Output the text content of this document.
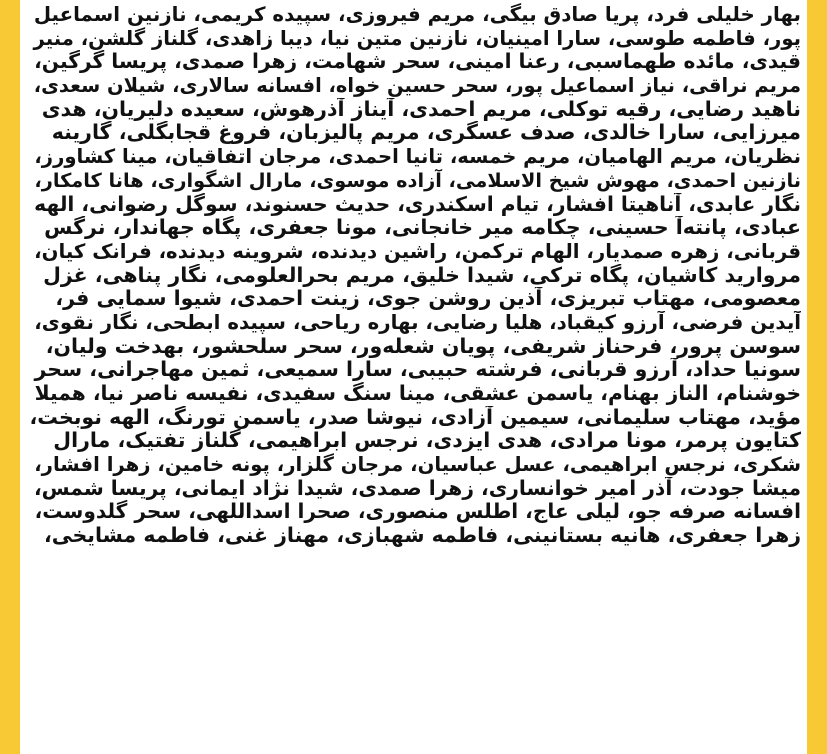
بهار خلیلی فرد، پریا صادق بیگی، مریم فیروزی، سپیده کریمی، نازنین اسماعیل
پور، فاطمه طوسی، سارا امینیان، نازنین متین نیا، دیبا زاهدی، گلناز گلشن، منیر
قیدی، مائده طهماسبی، رعنا امینی، سحر شهامت، زهرا صمدی، پریسا گرگین،
مریم نراقی، نیاز اسماعیل پور، سحر حسین خواه، افسانه سالاری، شیلان سعدی،
ناهید رضایی، رقیه توکلی، مریم احمدی، آیناز آذرهوش، سعیده دلیریان، هدی
میرزایی، سارا خالدی، صدف عسگری، مریم پالیزبان، فروغ قجابگلی، گارینه
نظریان، مریم الهامیان، مریم خمسه، تانیا احمدی، مرجان اتفاقیان، مینا کشاورز،
نازنین احمدی، مهوش شیخ الاسلامی، آزاده موسوی، مارال اشگواری، هانا کامکار،
نگار عابدی، آناهیتا افشار، تیام اسکندری، حدیث حسنوند، سوگل رضوانی، الهه
عبادی، پانته‌آ حسینی، چکامه میر خانجانی، مونا جعفری، پگاه جهاندار، نرگس
قربانی، زهره صمدیار، الهام ترکمن، راشین دیدنده، شروینه دیدنده، فرانک کیان،
مروارید کاشیان، پگاه ترکی، شیدا خلیق، مریم بحرالعلومی، نگار پناهی، غزل
معصومی، مهتاب تبریزی، آذین روشن جوی، زینت احمدی، شیوا سمایی فر،
آیدین فرضی، آرزو کیقباد، هلیا رضایی، بهاره ریاحی، سپیده ابطحی، نگار نقوی،
سوسن پرور، فرحناز شریفی، پویان شعله‌ور، سحر سلحشور، بهدخت ولیان،
سونیا حداد، آرزو قربانی، فرشته حبیبی، سارا سمیعی، ثمین مهاجرانی، سحر
خوشنام، الناز بهنام، یاسمن عشقی، مینا سنگ سفیدی، نفیسه ناصر نیا، همیلا
مؤید، مهتاب سلیمانی، سیمین آزادی، نیوشا صدر، یاسمن تورنگ، الهه نوبخت،
کتایون پرمر، مونا مرادی، هدی ایزدی، نرجس ابراهیمی، گلناز تفتیک، مارال
شکری، نرجس ابراهیمی، عسل عباسیان، مرجان گلزار، پونه خامین، زهرا افشار،
میشا جودت، آذر امیر خوانساری، زهرا صمدی، شیدا نژاد ایمانی، پریسا شمس،
افسانه صرفه جو، لیلی عاج، اطلس منصوری، صحرا اسداللهی، سحر گلدوست،
زهرا جعفری، هانیه بستانینی، فاطمه شهبازی، مهناز غنی، فاطمه مشایخی،
